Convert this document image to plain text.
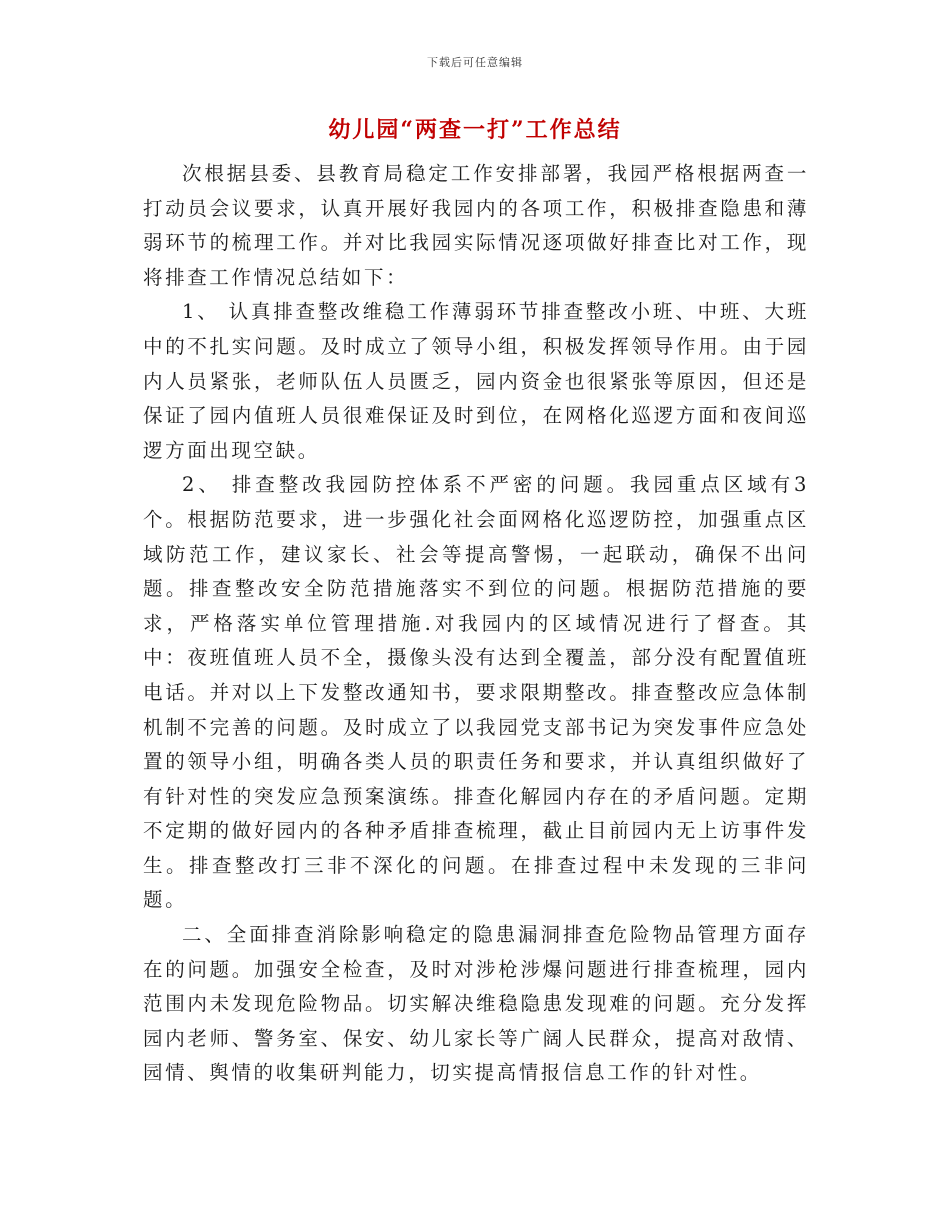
下载后可任意编辑
幼儿园“两查一打”工作总结

次根据县委、县教育局稳定工作安排部署，我园严格根据两查一打动员会议要求，认真开展好我园内的各项工作，积极排查隐患和薄弱环节的梳理工作。并对比我园实际情况逐项做好排查比对工作，现将排查工作情况总结如下：

1、 认真排查整改维稳工作薄弱环节排查整改小班、中班、大班中的不扎实问题。及时成立了领导小组，积极发挥领导作用。由于园内人员紧张，老师队伍人员匮乏，园内资金也很紧张等原因，但还是保证了园内值班人员很难保证及时到位，在网格化巡逻方面和夜间巡逻方面出现空缺。

2、 排查整改我园防控体系不严密的问题。我园重点区域有3个。根据防范要求，进一步强化社会面网格化巡逻防控，加强重点区域防范工作，建议家长、社会等提高警惕，一起联动，确保不出问题。排查整改安全防范措施落实不到位的问题。根据防范措施的要求，严格落实单位管理措施.对我园内的区域情况进行了督查。其中：夜班值班人员不全，摄像头没有达到全覆盖，部分没有配置值班电话。并对以上下发整改通知书，要求限期整改。排查整改应急体制机制不完善的问题。及时成立了以我园党支部书记为突发事件应急处置的领导小组，明确各类人员的职责任务和要求，并认真组织做好了有针对性的突发应急预案演练。排查化解园内存在的矛盾问题。定期不定期的做好园内的各种矛盾排查梳理，截止目前园内无上访事件发生。排查整改打三非不深化的问题。在排查过程中未发现的三非问题。

二、全面排查消除影响稳定的隐患漏洞排查危险物品管理方面存在的问题。加强安全检查，及时对涉枪涉爆问题进行排查梳理，园内范围内未发现危险物品。切实解决维稳隐患发现难的问题。充分发挥园内老师、警务室、保安、幼儿家长等广阔人民群众，提高对敌情、园情、舆情的收集研判能力，切实提高情报信息工作的针对性。
